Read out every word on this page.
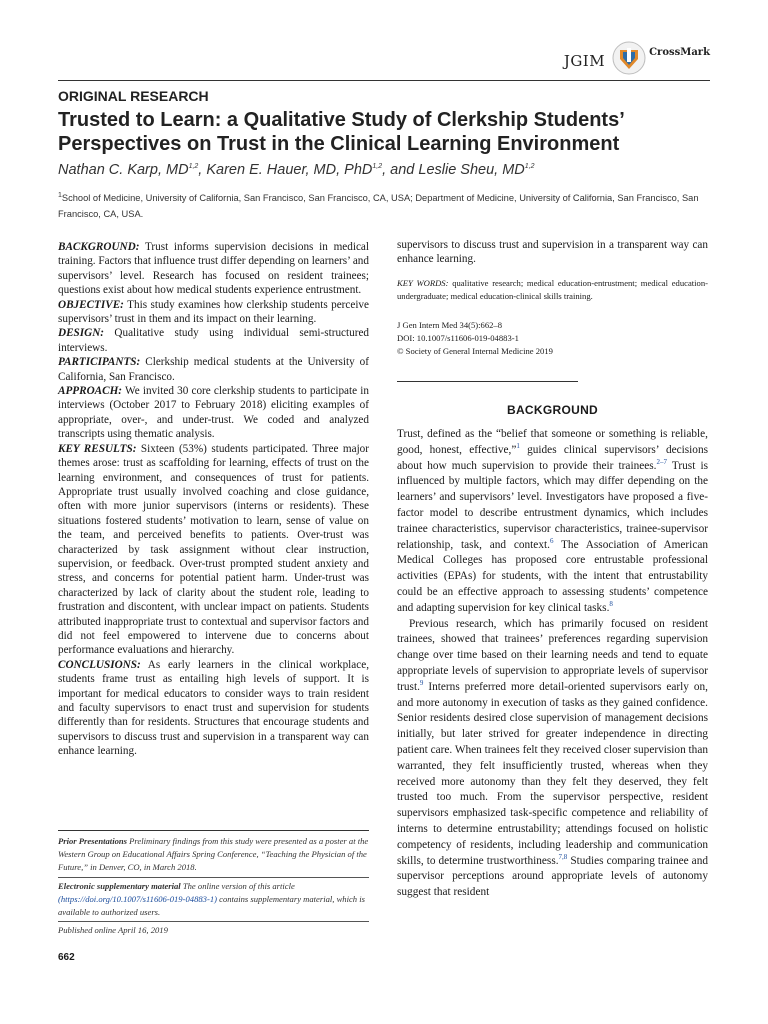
JGIM	CrossMark
ORIGINAL RESEARCH
Trusted to Learn: a Qualitative Study of Clerkship Students’ Perspectives on Trust in the Clinical Learning Environment
Nathan C. Karp, MD$^{1,2}$, Karen E. Hauer, MD, PhD$^{1,2}$, and Leslie Sheu, MD$^{1,2}$
$^1$School of Medicine, University of California, San Francisco, San Francisco, CA, USA; Department of Medicine, University of California, San Francisco, San Francisco, CA, USA.

BACKGROUND: Trust informs supervision decisions in medical training. Factors that influence trust differ depending on learners’ and supervisors’ level. Research has focused on resident trainees; questions exist about how medical students experience entrustment.

OBJECTIVE: This study examines how clerkship students perceive supervisors’ trust in them and its impact on their learning.

DESIGN: Qualitative study using individual semi-structured interviews.

PARTICIPANTS: Clerkship medical students at the University of California, San Francisco.

APPROACH: We invited 30 core clerkship students to participate in interviews (October 2017 to February 2018) eliciting examples of appropriate, over-, and under-trust. We coded and analyzed transcripts using thematic analysis.

KEY RESULTS: Sixteen (53%) students participated. Three major themes arose: trust as scaffolding for learning, effects of trust on the learning environment, and consequences of trust for patients. Appropriate trust usually involved coaching and close guidance, often with more junior supervisors (interns or residents). These situations fostered students’ motivation to learn, sense of value on the team, and perceived benefits to patients. Over-trust was characterized by task assignment without clear instruction, supervision, or feedback. Over-trust prompted student anxiety and stress, and concerns for potential patient harm. Under-trust was characterized by lack of clarity about the student role, leading to frustration and discontent, with unclear impact on patients. Students attributed inappropriate trust to contextual and supervisor factors and did not feel empowered to intervene due to concerns about performance evaluations and hierarchy.

CONCLUSIONS: As early learners in the clinical workplace, students frame trust as entailing high levels of support. It is important for medical educators to consider ways to train resident and faculty supervisors to enact trust and supervision for students differently than for residents. Structures that encourage students and supervisors to discuss trust and supervision in a transparent way can enhance learning.

supervisors to discuss trust and supervision in a transparent way can enhance learning.

KEY WORDS: qualitative research; medical education-entrustment; medical education-undergraduate; medical education-clinical skills training.

J Gen Intern Med 34(5):662–8

DOI: 10.1007/s11606-019-04883-1

© Society of General Internal Medicine 2019

BACKGROUND

Trust, defined as the “belief that someone or something is reliable, good, honest, effective,”$^1$ guides clinical supervisors’ decisions about how much supervision to provide their trainees.$^{2-7}$ Trust is influenced by multiple factors, which may differ depending on the learners’ and supervisors’ level. Investigators have proposed a five-factor model to describe entrustment dynamics, which includes trainee characteristics, supervisor characteristics, trainee-supervisor relationship, task, and context.$^6$ The Association of American Medical Colleges has proposed core entrustable professional activities (EPAs) for students, with the intent that entrustability could be an effective approach to assessing students’ competence and adapting supervision for key clinical tasks.$^8$

Previous research, which has primarily focused on resident trainees, showed that trainees’ preferences regarding supervision change over time based on their learning needs and tend to equate appropriate levels of supervision to appropriate levels of supervisor trust.$^9$ Interns preferred more detail-oriented supervisors early on, and more autonomy in execution of tasks as they gained confidence. Senior residents desired close supervision of management decisions initially, but later strived for greater independence in directing patient care. When trainees felt they received closer supervision than warranted, they felt insufficiently trusted, whereas when they received more autonomy than they felt they deserved, they felt trusted too much. From the supervisor perspective, resident supervisors emphasized task-specific competence and reliability of interns to determine entrustability; attendings focused on holistic competency of residents, including leadership and communication skills, to determine trustworthiness.$^{7,8}$ Studies comparing trainee and supervisor perceptions around appropriate levels of autonomy suggest that resident

Prior Presentations Preliminary findings from this study were presented as a poster at the Western Group on Educational Affairs Spring Conference, “Teaching the Physician of the Future,” in Denver, CO, in March 2018.

Electronic supplementary material The online version of this article (https://doi.org/10.1007/s11606-019-04883-1) contains supplementary material, which is available to authorized users.

Published online April 16, 2019

662
